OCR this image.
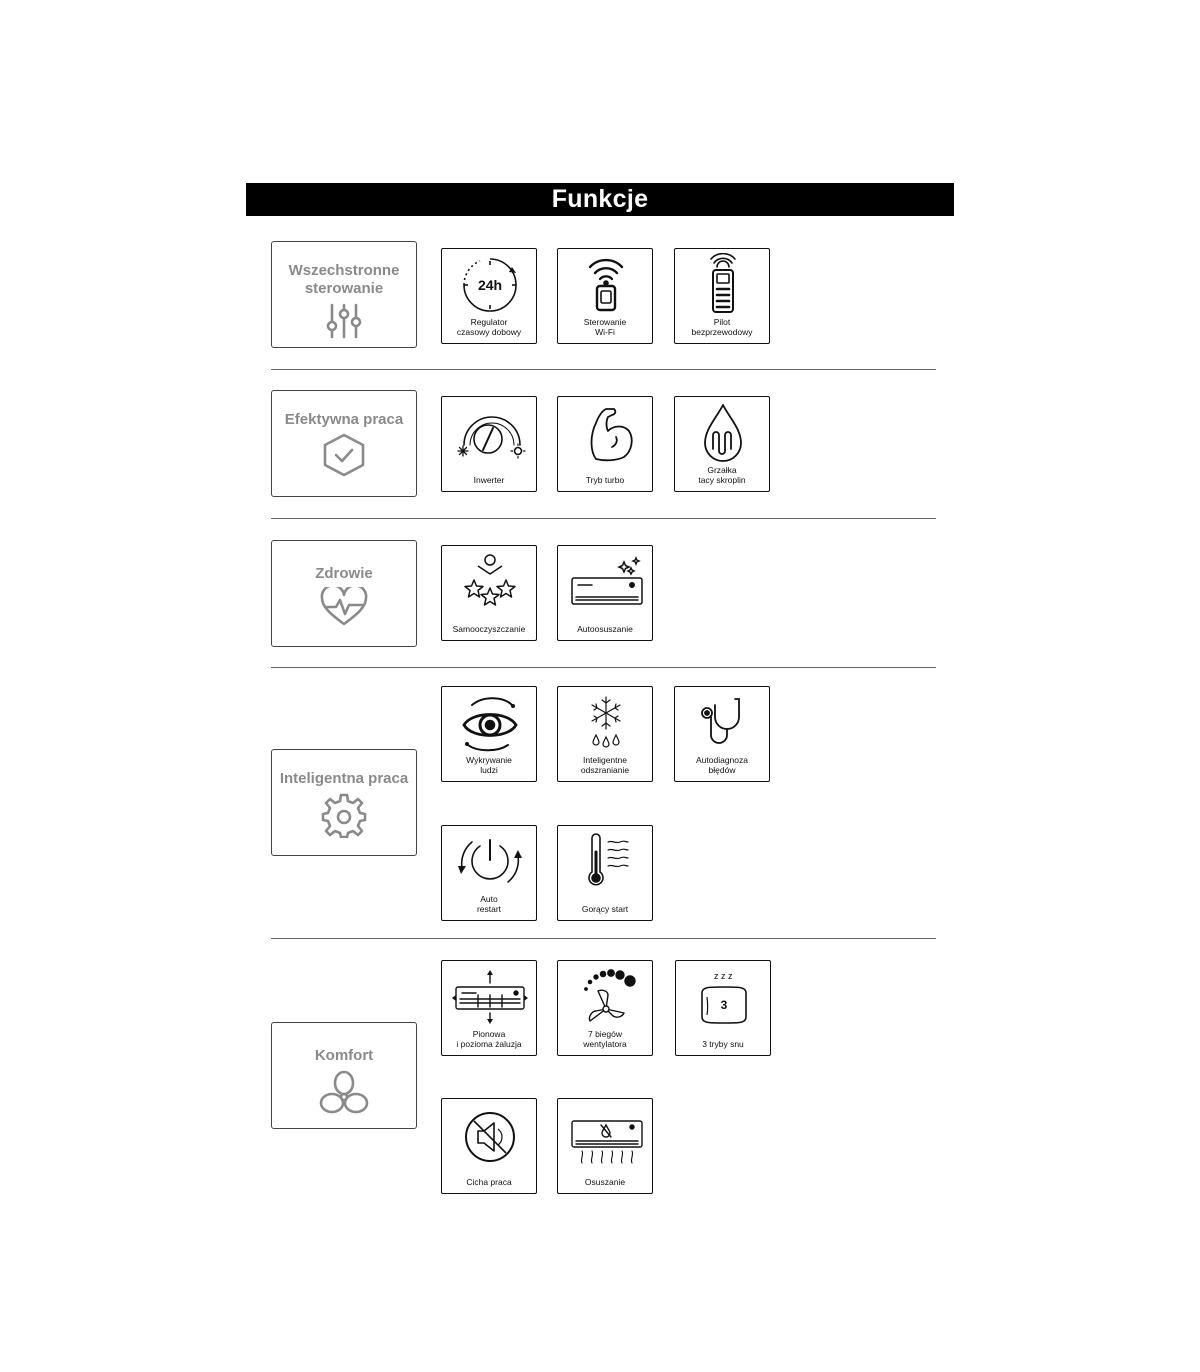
Funkcje
Wszechstronne sterowanie	24h
Regulator
czasowy dobowy
Sterowanie
Wi-Fi
Pilot
bezprzewodowy
Efektywna praca
Inwerter	Tryb turbo
Grzałka
tacy skroplin
Zdrowie
Samooczyszczanie	Autoosuszanie
Inteligentna praca
Wykrywanie
ludzi
Inteligentne
odszranianie
Autodiagnoza
błędów
Auto
restart	Gorący start
Komfort
Pionowa
i pozioma żaluzja
7 biegów
wentylatora
z z z
3
3 tryby snu
Cicha praca	Osuszanie
